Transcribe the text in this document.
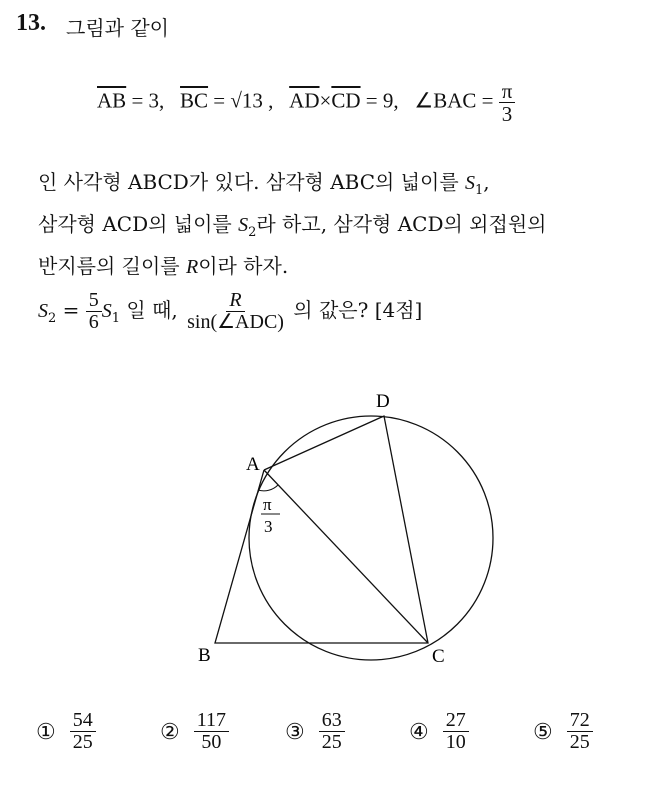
13. 그림과 같이
$\overline{AB} = 3$, $\overline{BC} = √13$ , $\overline{AD}\times\overline{CD} = 9$, ∠BAC = $\frac{\pi}{3}$
인 사각형 ABCD가 있다. 삼각형 ABC의 넓이를 $S_1$,
삼각형 ACD의 넓이를 $S_2$라 하고, 삼각형 ACD의 외접원의
반지름의 길이를 R이라 하자.
$S_2 = \frac{5}{6} S_1$ 일 때, $\frac{R}{\text{sin(∠ADC)}}$ 의 값은? [4점]
A
D
B	C
π
3
① $\frac{54}{25}$	② $\frac{117}{50}$	③ $\frac{63}{25}$	④ $\frac{27}{10}$	⑤ $\frac{72}{25}$
